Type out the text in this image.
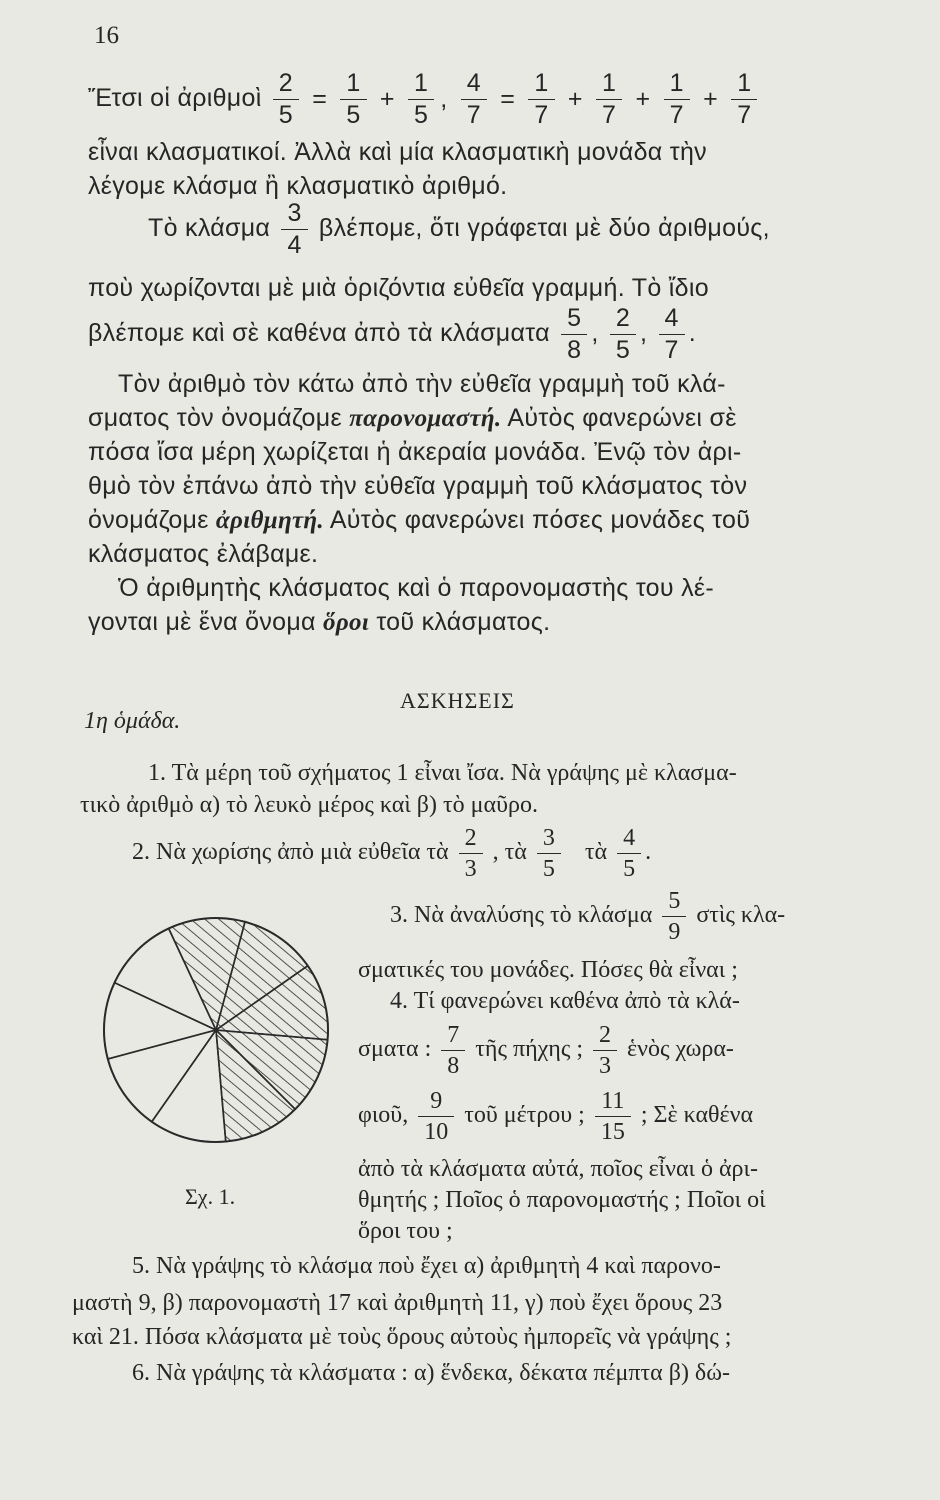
16
Ἔτσι οἱ ἀριθμοὶ $\frac{2}{5} = \frac{1}{5} + \frac{1}{5}$ , $\frac{4}{7} = \frac{1}{7} + \frac{1}{7} + \frac{1}{7} + \frac{1}{7}$
εἶναι κλασματικοί. Ἀλλὰ καὶ μία κλασματικὴ μονάδα τὴν
λέγομε κλάσμα ἢ κλασματικὸ ἀριθμό.
Τὸ κλάσμα $\frac{3}{4} \beta\lambda έ\pi o\mu\varepsilon$, ὅτι γράφεται μὲ δύο ἀριθμούς,
ποὺ χωρίζονται μὲ μιὰ ὁριζόντια εὐθεῖα γραμμή. Τὸ ἴδιο
βλέπομε καὶ σὲ καθένα ἀπὸ τὰ κλάσματα $\frac{5}{8}$ , $\frac{2}{5}$ , $\frac{4}{7}$ .
Τὸν ἀριθμὸ τὸν κάτω ἀπὸ τὴν εὐθεῖα γραμμὴ τοῦ κλά-
σματος τὸν ὀνομάζομε παρονομαστή. Αὐτὸς φανερώνει σὲ
πόσα ἴσα μέρη χωρίζεται ἡ ἀκεραία μονάδα. Ἐνῷ τὸν ἀρι-
θμὸ τὸν ἐπάνω ἀπὸ τὴν εὐθεῖα γραμμὴ τοῦ κλάσματος τὸν
ὀνομάζομε ἀριθμητή. Αὐτὸς φανερώνει πόσες μονάδες τοῦ
κλάσματος ἐλάβαμε.
Ὁ ἀριθμητὴς κλάσματος καὶ ὁ παρονομαστὴς του λέ-
γονται μὲ ἕνα ὄνομα ὅροι τοῦ κλάσματος.
ΑΣΚΗΣΕΙΣ
1η ὁμάδα.
1. Τὰ μέρη τοῦ σχήματος 1 εἶναι ἴσα. Νὰ γράψης μὲ κλασμα-
τικὸ ἀριθμὸ α) τὸ λευκὸ μέρος καὶ β) τὸ μαῦρο.
2. Νὰ χωρίσης ἀπὸ μιὰ εὐθεῖα τὰ $\frac{2}{3}$ , τὰ $\frac{3}{5}$ τὰ $\frac{4}{5}$ .
Σχ. 1.
3. Νὰ ἀναλύσης τὸ κλάσμα $\frac{5}{9}$ στὶς κλα-
σματικές του μονάδες. Πόσες θὰ εἶναι ;
4. Τί φανερώνει καθένα ἀπὸ τὰ κλά-
σματα : $\frac{7}{8}$ τῆς πήχης ; $\frac{2}{3}$ ἑνὸς χωρα-
φιοῦ, $\frac{9}{10}$ τοῦ μέτρου ; $\frac{11}{15}$ ; Σὲ καθένα
ἀπὸ τὰ κλάσματα αὐτά, ποῖος εἶναι ὁ ἀρι-
θμητής ; Ποῖος ὁ παρονομαστής ; Ποῖοι οἱ
ὅροι του ;
5. Νὰ γράψης τὸ κλάσμα ποὺ ἔχει α) ἀριθμητὴ 4 καὶ παρονο-
μαστὴ 9, β) παρονομαστὴ 17 καὶ ἀριθμητὴ 11, γ) ποὺ ἔχει ὅρους 23
καὶ 21. Πόσα κλάσματα μὲ τοὺς ὅρους αὐτοὺς ἠμπορεῖς νὰ γράψης ;
6. Νὰ γράψης τὰ κλάσματα : α) ἕνδεκα, δέκατα πέμπτα β) δώ-
